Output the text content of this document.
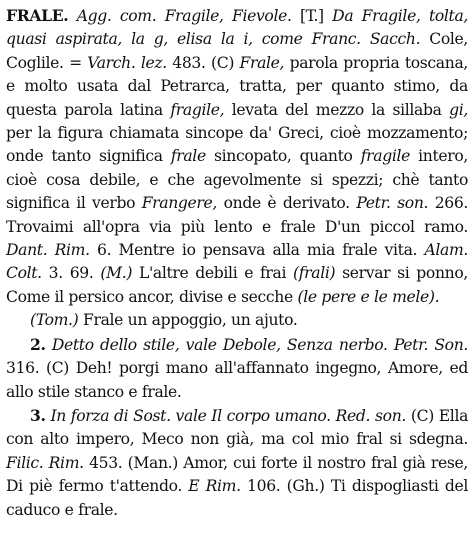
FRALE. Agg. com. Fragile, Fievole. [T.] Da Fragile, tolta, quasi aspirata, la g, elisa la i, come Franc. Sacch. Cole, Coglile. = Varch. lez. 483. (C) Frale, parola propria toscana, e molto usata dal Petrarca, tratta, per quanto stimo, da questa parola latina fragile, levata del mezzo la sillaba gi, per la figura chiamata sincope da' Greci, cioè mozzamento; onde tanto significa frale sincopato, quanto fragile intero, cioè cosa debile, e che agevolmente si spezzi; chè tanto significa il verbo Frangere, onde è derivato. Petr. son. 266. Trovaimi all'opra via più lento e frale D'un piccol ramo. Dant. Rim. 6. Mentre io pensava alla mia frale vita. Alam. Colt. 3. 69. (M.) L'altre debili e frai (frali) servar si ponno, Come il persico ancor, divise e secche (le pere e le mele).

(Tom.) Frale un appoggio, un ajuto.

2. Detto dello stile, vale Debole, Senza nerbo. Petr. Son. 316. (C) Deh! porgi mano all'affannato ingegno, Amore, ed allo stile stanco e frale.

3. In forza di Sost. vale Il corpo umano. Red. son. (C) Ella con alto impero, Meco non già, ma col mio fral si sdegna. Filic. Rim. 453. (Man.) Amor, cui forte il nostro fral già rese, Di piè fermo t'attendo. E Rim. 106. (Gh.) Ti dispogliasti del caduco e frale.
